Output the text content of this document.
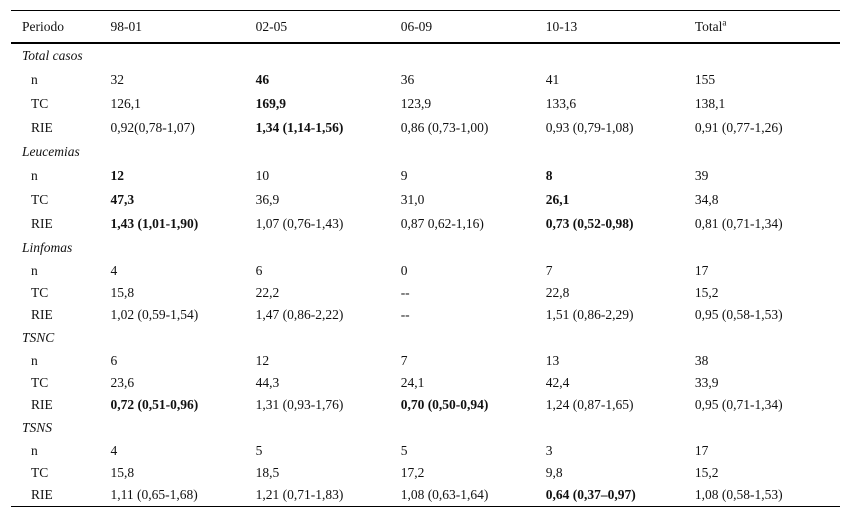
Periodo	98-01	02-05	06-09	10-13	Total$^a$
Total casos					
n	32	46	36	41	155
TC	126,1	169,9	123,9	133,6	138,1
RIE	0,92(0,78-1,07)	1,34 (1,14-1,56)	0,86 (0,73-1,00)	0,93 (0,79-1,08)	0,91 (0,77-1,26)
Leucemias					
n	12	10	9	8	39
TC	47,3	36,9	31,0	26,1	34,8
RIE	1,43 (1,01-1,90)	1,07 (0,76-1,43)	0,87 0,62-1,16)	0,73 (0,52-0,98)	0,81 (0,71-1,34)
Linfomas					
n	4	6	0	7	17
TC	15,8	22,2	--	22,8	15,2
RIE	1,02 (0,59-1,54)	1,47 (0,86-2,22)	--	1,51 (0,86-2,29)	0,95 (0,58-1,53)
TSNC					
n	6	12	7	13	38
TC	23,6	44,3	24,1	42,4	33,9
RIE	0,72 (0,51-0,96)	1,31 (0,93-1,76)	0,70 (0,50-0,94)	1,24 (0,87-1,65)	0,95 (0,71-1,34)
TSNS					
n	4	5	5	3	17
TC	15,8	18,5	17,2	9,8	15,2
RIE	1,11 (0,65-1,68)	1,21 (0,71-1,83)	1,08 (0,63-1,64)	0,64 (0,37–0,97)	1,08 (0,58-1,53)
